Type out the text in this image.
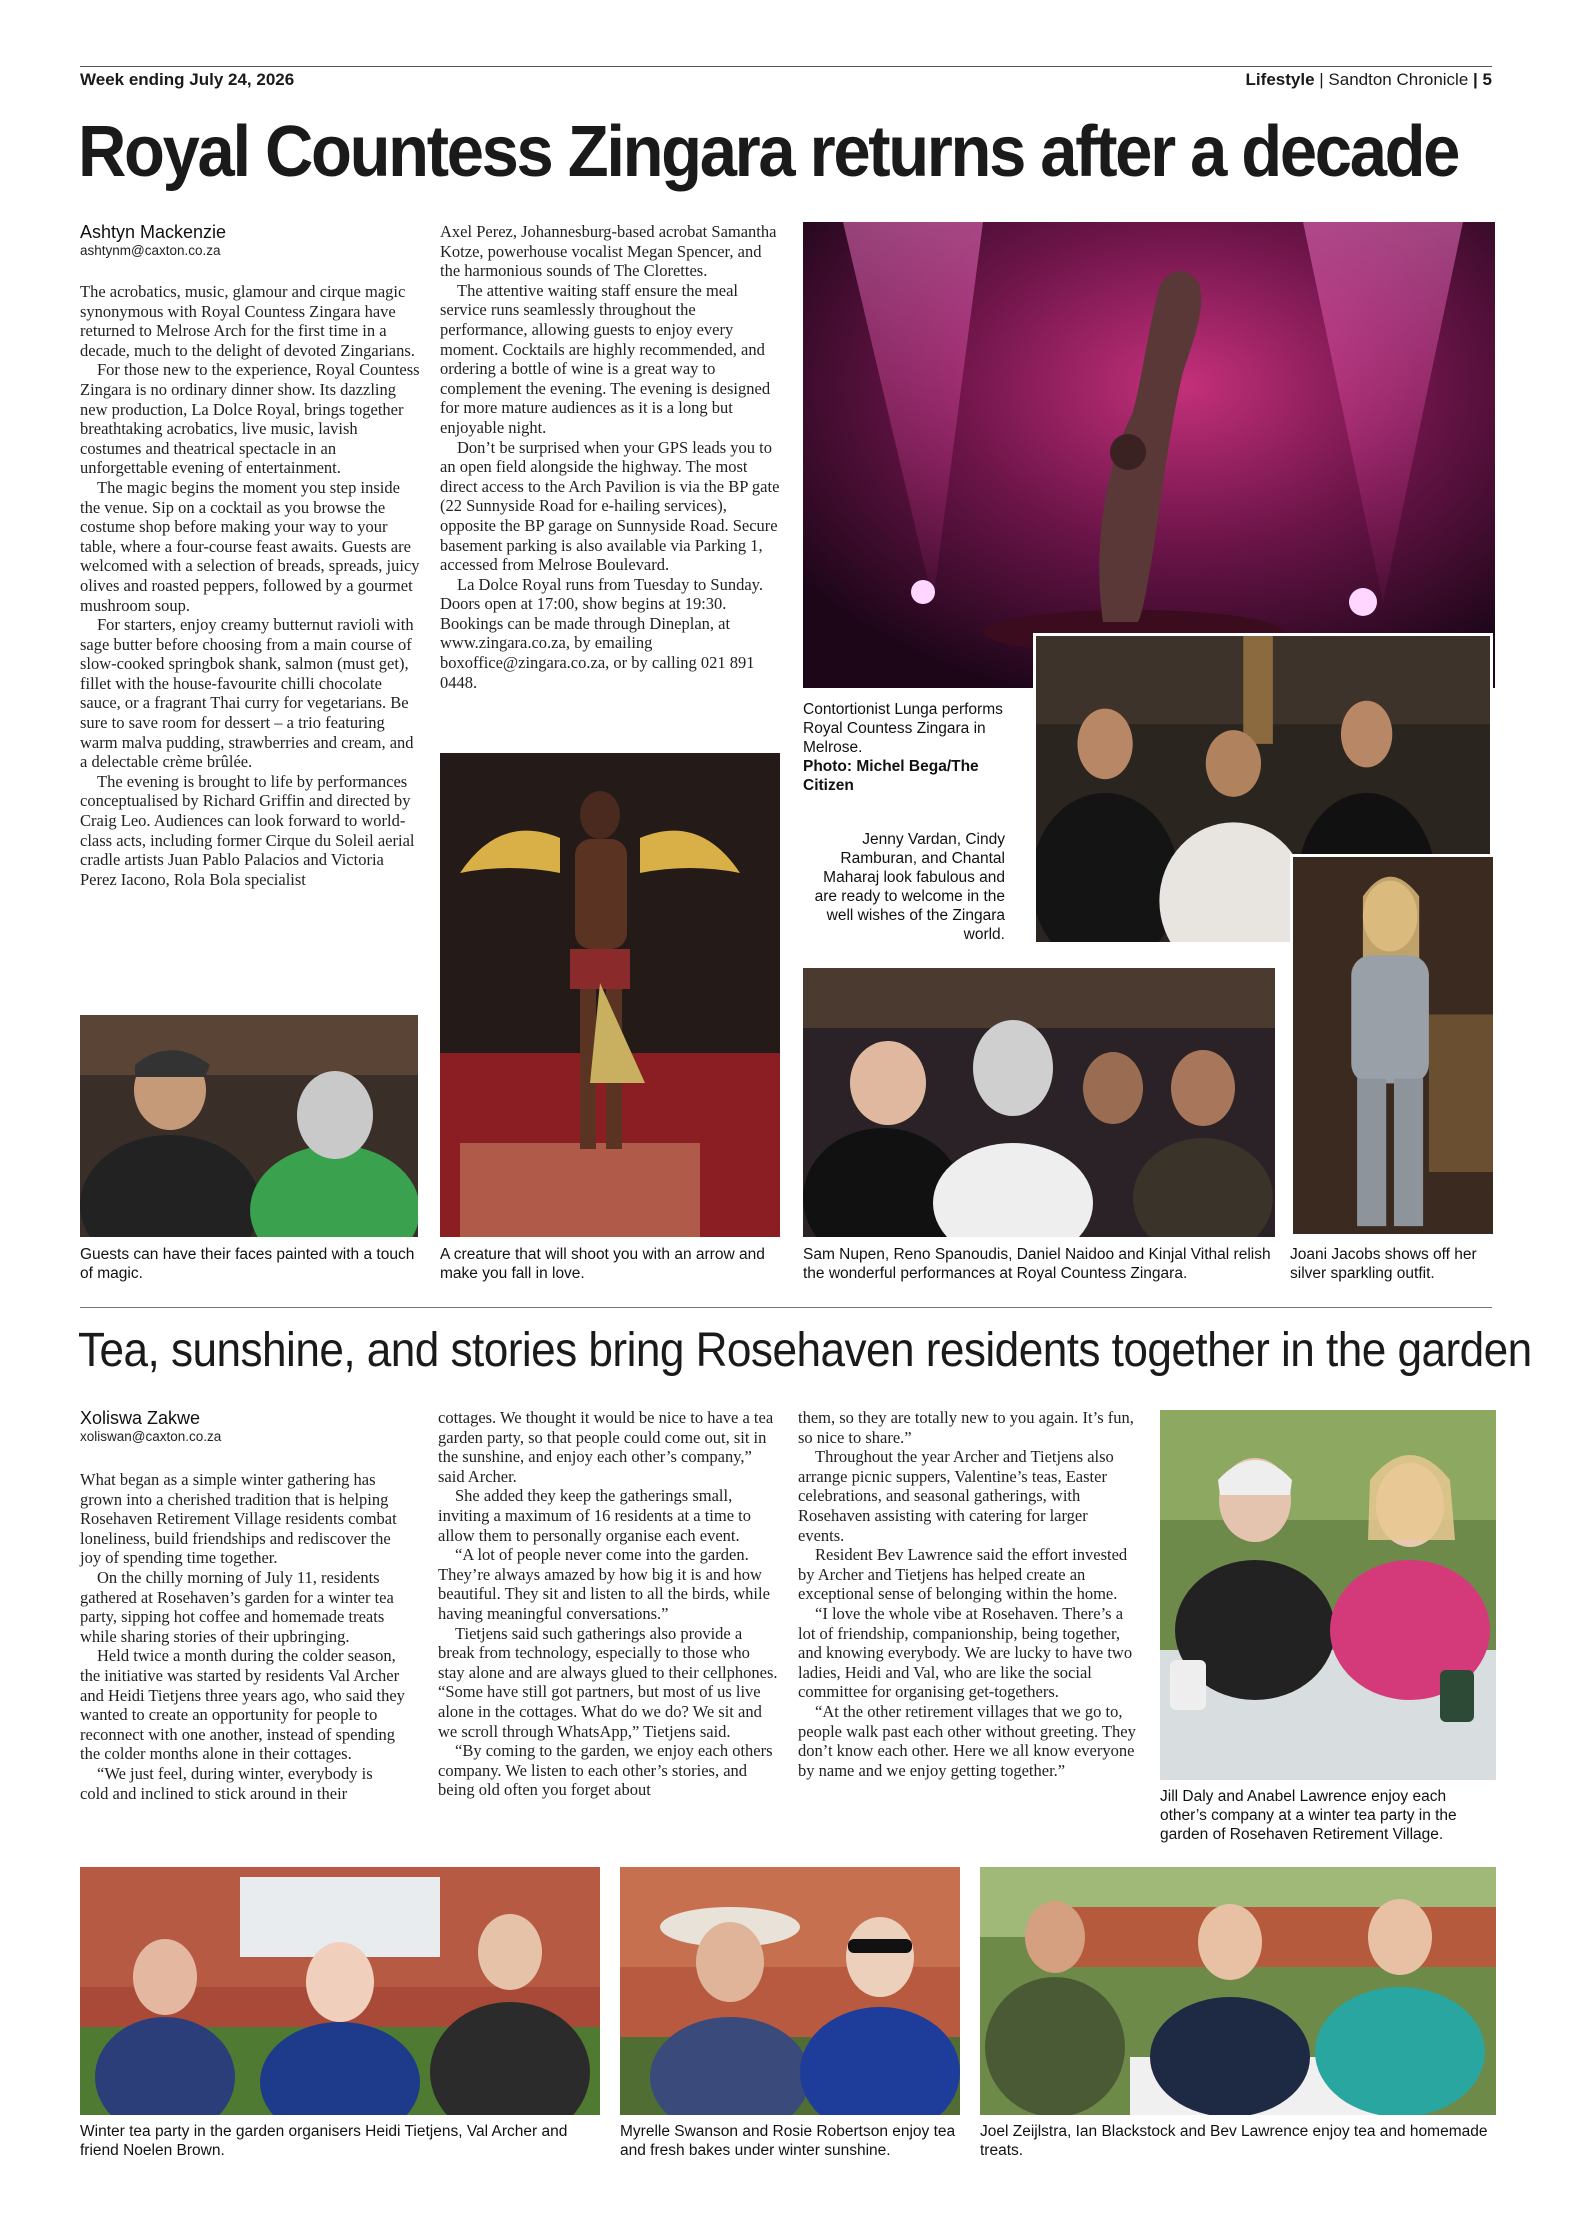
Week ending July 24, 2026	Lifestyle | Sandton Chronicle | 5
Royal Countess Zingara returns after a decade
Ashtyn Mackenzie
ashtynm@caxton.co.za

The acrobatics, music, glamour and cirque magic synonymous with Royal Countess Zingara have returned to Melrose Arch for the first time in a decade, much to the delight of devoted Zingarians.

For those new to the experience, Royal Countess Zingara is no ordinary dinner show. Its dazzling new production, La Dolce Royal, brings together breathtaking acrobatics, live music, lavish costumes and theatrical spectacle in an unforgettable evening of entertainment.

The magic begins the moment you step inside the venue. Sip on a cocktail as you browse the costume shop before making your way to your table, where a four-course feast awaits. Guests are welcomed with a selection of breads, spreads, juicy olives and roasted peppers, followed by a gourmet mushroom soup.

For starters, enjoy creamy butternut ravioli with sage butter before choosing from a main course of slow-cooked springbok shank, salmon (must get), fillet with the house-favourite chilli chocolate sauce, or a fragrant Thai curry for vegetarians. Be sure to save room for dessert – a trio featuring warm malva pudding, strawberries and cream, and a delectable crème brûlée.

The evening is brought to life by performances conceptualised by Richard Griffin and directed by Craig Leo. Audiences can look forward to world-class acts, including former Cirque du Soleil aerial cradle artists Juan Pablo Palacios and Victoria Perez Iacono, Rola Bola specialist

Axel Perez, Johannesburg-based acrobat Samantha Kotze, powerhouse vocalist Megan Spencer, and the harmonious sounds of The Clorettes.

The attentive waiting staff ensure the meal service runs seamlessly throughout the performance, allowing guests to enjoy every moment. Cocktails are highly recommended, and ordering a bottle of wine is a great way to complement the evening. The evening is designed for more mature audiences as it is a long but enjoyable night.

Don’t be surprised when your GPS leads you to an open field alongside the highway. The most direct access to the Arch Pavilion is via the BP gate (22 Sunnyside Road for e-hailing services), opposite the BP garage on Sunnyside Road. Secure basement parking is also available via Parking 1, accessed from Melrose Boulevard.

La Dolce Royal runs from Tuesday to Sunday. Doors open at 17:00, show begins at 19:30. Bookings can be made through Dineplan, at www.zingara.co.za, by emailing boxoffice@zingara.co.za, or by calling 021 891 0448.

Contortionist Lunga performs Royal Countess Zingara in Melrose.
Photo: Michel Bega/The Citizen
Jenny Vardan, Cindy Ramburan, and Chantal Maharaj look fabulous and are ready to welcome in the well wishes of the Zingara world.
Guests can have their faces painted with a touch of magic.
A creature that will shoot you with an arrow and make you fall in love.
Sam Nupen, Reno Spanoudis, Daniel Naidoo and Kinjal Vithal relish the wonderful performances at Royal Countess Zingara.
Joani Jacobs shows off her silver sparkling outfit.
Tea, sunshine, and stories bring Rosehaven residents together in the garden
Xoliswa Zakwe
xoliswan@caxton.co.za

What began as a simple winter gathering has grown into a cherished tradition that is helping Rosehaven Retirement Village residents combat loneliness, build friendships and rediscover the joy of spending time together.

On the chilly morning of July 11, residents gathered at Rosehaven’s garden for a winter tea party, sipping hot coffee and homemade treats while sharing stories of their upbringing.

Held twice a month during the colder season, the initiative was started by residents Val Archer and Heidi Tietjens three years ago, who said they wanted to create an opportunity for people to reconnect with one another, instead of spending the colder months alone in their cottages.

“We just feel, during winter, everybody is cold and inclined to stick around in their

cottages. We thought it would be nice to have a tea garden party, so that people could come out, sit in the sunshine, and enjoy each other’s company,” said Archer.

She added they keep the gatherings small, inviting a maximum of 16 residents at a time to allow them to personally organise each event.

“A lot of people never come into the garden. They’re always amazed by how big it is and how beautiful. They sit and listen to all the birds, while having meaningful conversations.”

Tietjens said such gatherings also provide a break from technology, especially to those who stay alone and are always glued to their cellphones. “Some have still got partners, but most of us live alone in the cottages. What do we do? We sit and we scroll through WhatsApp,” Tietjens said.

“By coming to the garden, we enjoy each others company. We listen to each other’s stories, and being old often you forget about

them, so they are totally new to you again. It’s fun, so nice to share.”

Throughout the year Archer and Tietjens also arrange picnic suppers, Valentine’s teas, Easter celebrations, and seasonal gatherings, with Rosehaven assisting with catering for larger events.

Resident Bev Lawrence said the effort invested by Archer and Tietjens has helped create an exceptional sense of belonging within the home.

“I love the whole vibe at Rosehaven. There’s a lot of friendship, companionship, being together, and knowing everybody. We are lucky to have two ladies, Heidi and Val, who are like the social committee for organising get-togethers.

“At the other retirement villages that we go to, people walk past each other without greeting. They don’t know each other. Here we all know everyone by name and we enjoy getting together.”

Jill Daly and Anabel Lawrence enjoy each other’s company at a winter tea party in the garden of Rosehaven Retirement Village.
Winter tea party in the garden organisers Heidi Tietjens, Val Archer and friend Noelen Brown.
Myrelle Swanson and Rosie Robertson enjoy tea and fresh bakes under winter sunshine.
Joel Zeijlstra, Ian Blackstock and Bev Lawrence enjoy tea and homemade treats.
